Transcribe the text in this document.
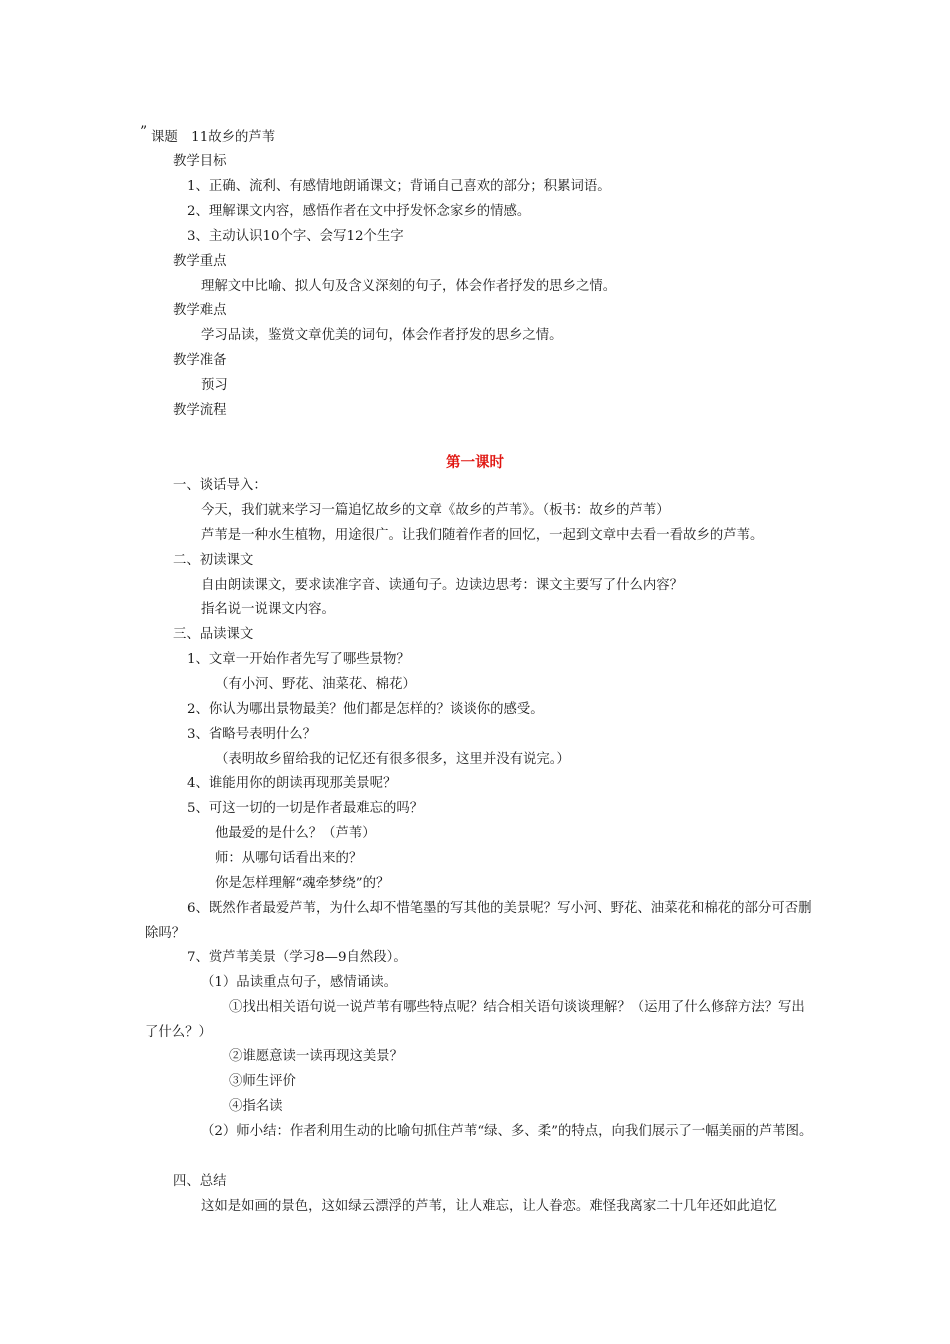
” 课题　11故乡的芦苇
教学目标
1、正确、流利、有感情地朗诵课文；背诵自己喜欢的部分；积累词语。
2、理解课文内容，感悟作者在文中抒发怀念家乡的情感。
3、主动认识10个字、会写12个生字
教学重点
理解文中比喻、拟人句及含义深刻的句子，体会作者抒发的思乡之情。
教学难点
学习品读，鉴赏文章优美的词句，体会作者抒发的思乡之情。
教学准备
预习
教学流程
第一课时
一、谈话导入：
今天，我们就来学习一篇追忆故乡的文章《故乡的芦苇》。（板书：故乡的芦苇）
芦苇是一种水生植物，用途很广。让我们随着作者的回忆，一起到文章中去看一看故乡的芦苇。
二、初读课文
自由朗读课文，要求读准字音、读通句子。边读边思考：课文主要写了什么内容？
指名说一说课文内容。
三、品读课文
1、文章一开始作者先写了哪些景物？
（有小河、野花、油菜花、棉花）
2、你认为哪出景物最美？他们都是怎样的？谈谈你的感受。
3、省略号表明什么？
（表明故乡留给我的记忆还有很多很多，这里并没有说完。）
4、谁能用你的朗读再现那美景呢？
5、可这一切的一切是作者最难忘的吗？
他最爱的是什么？（芦苇）
师：从哪句话看出来的？
你是怎样理解“魂牵梦绕”的？
6、既然作者最爱芦苇，为什么却不惜笔墨的写其他的美景呢？写小河、野花、油菜花和棉花的部分可否删除吗？
7、赏芦苇美景（学习8—9自然段）。
（1）品读重点句子，感情诵读。
①找出相关语句说一说芦苇有哪些特点呢？结合相关语句谈谈理解？（运用了什么修辞方法？写出了什么？）
②谁愿意读一读再现这美景？
③师生评价
④指名读
（2）师小结：作者利用生动的比喻句抓住芦苇“绿、多、柔”的特点，向我们展示了一幅美丽的芦苇图。
四、总结
这如是如画的景色，这如绿云漂浮的芦苇，让人难忘，让人眷恋。难怪我离家二十几年还如此追忆
